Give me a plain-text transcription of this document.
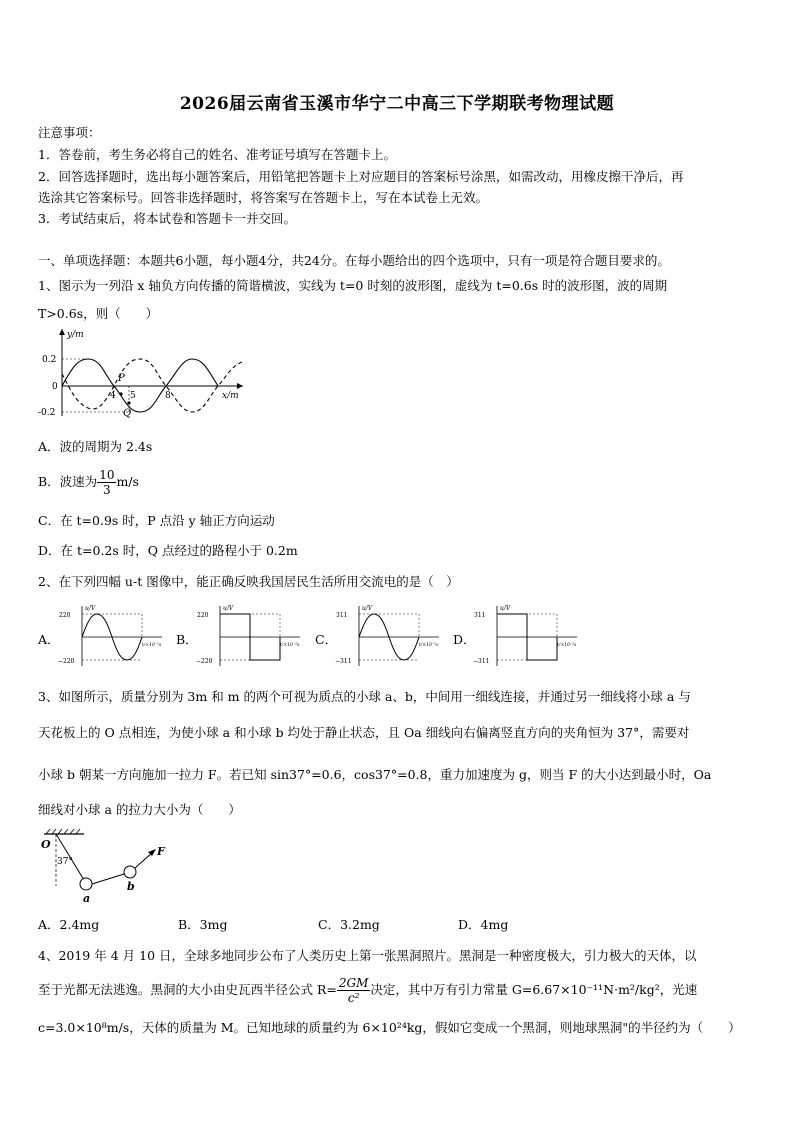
2026届云南省玉溪市华宁二中高三下学期联考物理试题
注意事项：
1．答卷前，考生务必将自己的姓名、准考证号填写在答题卡上。
2．回答选择题时，选出每小题答案后，用铅笔把答题卡上对应题目的答案标号涂黑，如需改动，用橡皮擦干净后，再
选涂其它答案标号。回答非选择题时，将答案写在答题卡上，写在本试卷上无效。
3．考试结束后，将本试卷和答题卡一并交回。
一、单项选择题：本题共6小题，每小题4分，共24分。在每小题给出的四个选项中，只有一项是符合题目要求的。
1、图示为一列沿 x 轴负方向传播的简谐横波，实线为 t=0 时刻的波形图，虚线为 t=0.6s 时的波形图，波的周期
T>0.6s，则（　　）
y/m
x/m
0.2
0
-0.2
4 5	8
P
Q
A．波的周期为 2.4s
B．波速为 $\frac{10}{3} m/s$
C．在 t=0.9s 时，P 点沿 y 轴正方向运动
D．在 t=0.2s 时，Q 点经过的路程小于 0.2m
2、在下列四幅 u-t 图像中，能正确反映我国居民生活所用交流电的是（　）
A．
220
−220
u/V
t/×10⁻²s B．
220
−220
u/V
t/×10⁻²s C．
311
−311
u/V
t/×10⁻²s D．
311
−311
u/V
t/×10⁻²s
3、如图所示，质量分别为 3m 和 m 的两个可视为质点的小球 a、b，中间用一细线连接，并通过另一细线将小球 a 与
天花板上的 O 点相连，为使小球 a 和小球 b 均处于静止状态，且 Oa 细线向右偏离竖直方向的夹角恒为 37°，需要对
小球 b 朝某一方向施加一拉力 F。若已知 sin37°=0.6，cos37°=0.8，重力加速度为 g，则当 F 的大小达到最小时，Oa
细线对小球 a 的拉力大小为（　　）
O
37°
a
b
F
A．2.4mg	B．3mg	C．3.2mg	D．4mg
4、2019 年 4 月 10 日，全球多地同步公布了人类历史上第一张黑洞照片。黑洞是一种密度极大，引力极大的天体，以
至于光都无法逃逸。黑洞的大小由史瓦西半径公式 $R= \frac{2GM}{\text{c²}}$ 决定，其中万有引力常量 G=6.67×10⁻¹¹N·m²/kg²，光速
c=3.0×10⁸m/s，天体的质量为 M。已知地球的质量约为 6×10²⁴kg，假如它变成一个黑洞，则地球黑洞"的半径约为（　　）
